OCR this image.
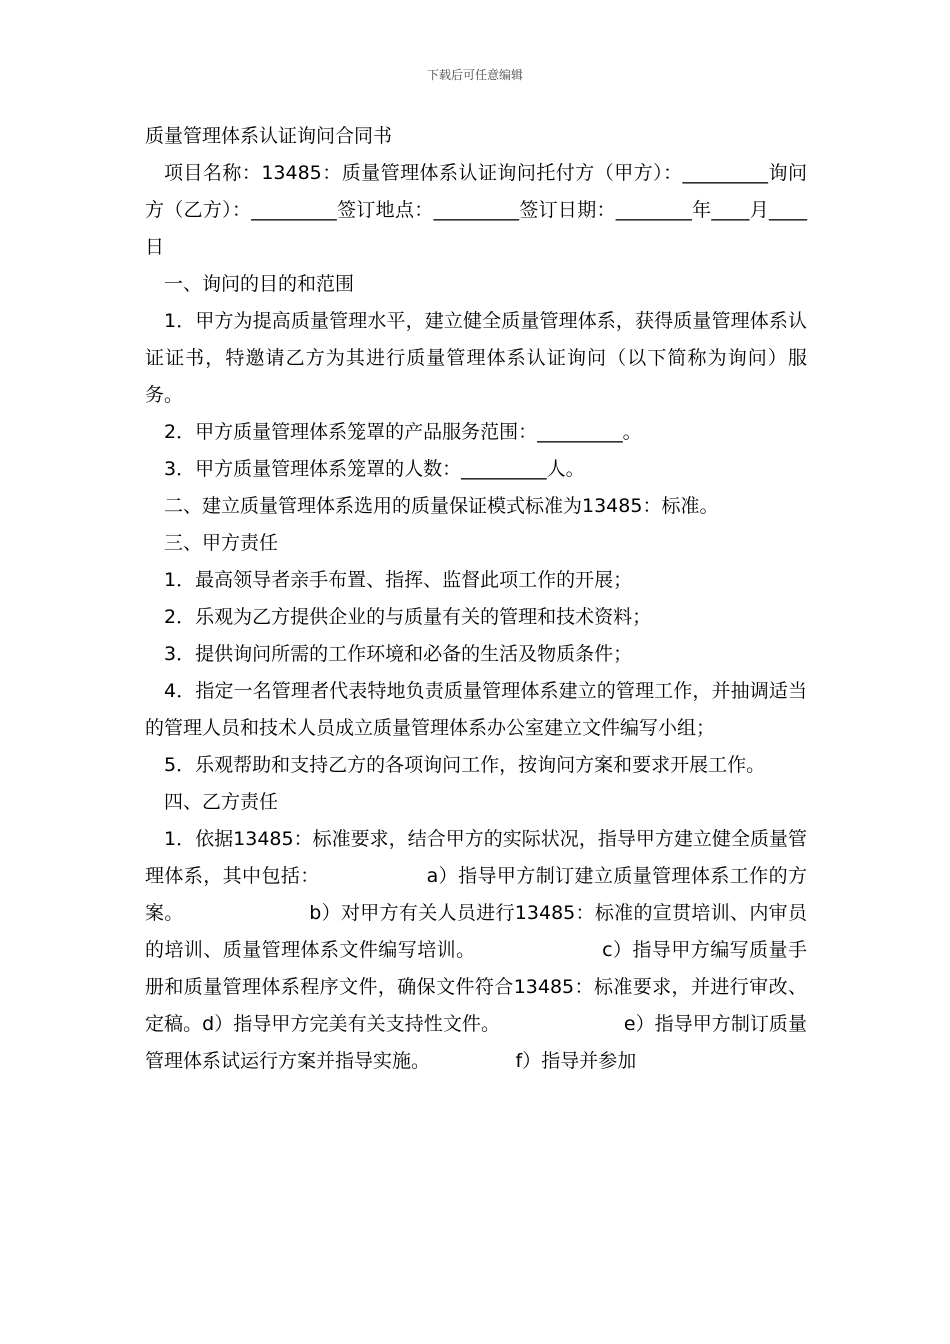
下载后可任意编辑
质量管理体系认证询问合同书
项目名称：13485：质量管理体系认证询问托付方（甲方）：_________询问方（乙方）：_________签订地点：_________签订日期：________年____月____日
一、询问的目的和范围
1．甲方为提高质量管理水平，建立健全质量管理体系，获得质量管理体系认证证书，特邀请乙方为其进行质量管理体系认证询问（以下简称为询问）服务。
2．甲方质量管理体系笼罩的产品服务范围：_________。
3．甲方质量管理体系笼罩的人数：_________人。
二、建立质量管理体系选用的质量保证模式标准为13485：标准。
三、甲方责任
1．最高领导者亲手布置、指挥、监督此项工作的开展；
2．乐观为乙方提供企业的与质量有关的管理和技术资料；
3．提供询问所需的工作环境和必备的生活及物质条件；
4．指定一名管理者代表特地负责质量管理体系建立的管理工作，并抽调适当的管理人员和技术人员成立质量管理体系办公室建立文件编写小组；
5．乐观帮助和支持乙方的各项询问工作，按询问方案和要求开展工作。
四、乙方责任
1．依据13485：标准要求，结合甲方的实际状况，指导甲方建立健全质量管理体系，其中包括：　　　　　　a）指导甲方制订建立质量管理体系工作的方案。　　　　　　　b）对甲方有关人员进行13485：标准的宣贯培训、内审员的培训、质量管理体系文件编写培训。　　　　　　　c）指导甲方编写质量手册和质量管理体系程序文件，确保文件符合13485：标准要求，并进行审改、定稿。d）指导甲方完美有关支持性文件。　　　　　　　e）指导甲方制订质量管理体系试运行方案并指导实施。　　　　　f）指导并参加
